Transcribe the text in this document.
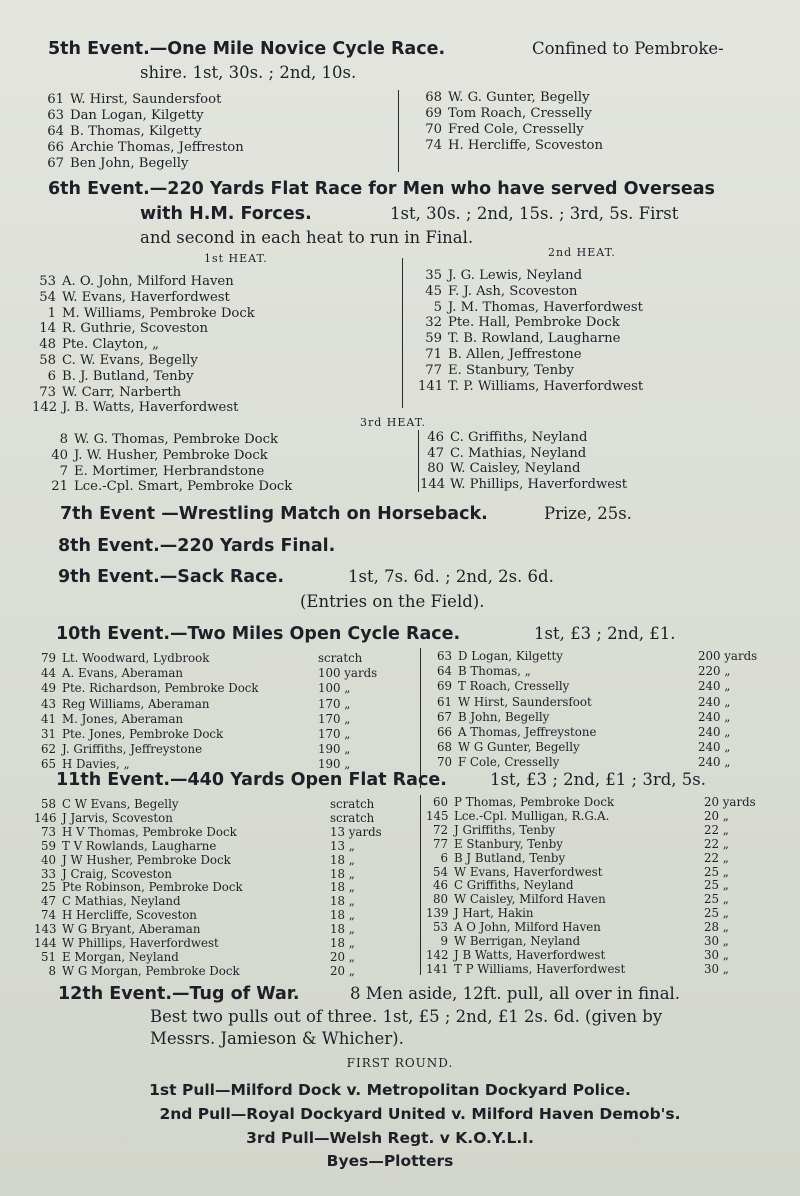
5th Event.—One Mile Novice Cycle Race.	Confined to Pembroke-
shire. 1st, 30s. ; 2nd, 10s.
61 W. Hirst, Saundersfoot
63 Dan Logan, Kilgetty
64 B. Thomas, Kilgetty
66 Archie Thomas, Jeffreston
67 Ben John, Begelly
68 W. G. Gunter, Begelly
69 Tom Roach, Cresselly
70 Fred Cole, Cresselly
74 H. Hercliffe, Scoveston
6th Event.—220 Yards Flat Race for Men who have served Overseas
with H.M. Forces.	1st, 30s. ; 2nd, 15s. ; 3rd, 5s. First
and second in each heat to run in Final.
1st HEAT.	2nd HEAT.
53 A. O. John, Milford Haven
54 W. Evans, Haverfordwest
1 M. Williams, Pembroke Dock
14 R. Guthrie, Scoveston
48 Pte. Clayton, „
58 C. W. Evans, Begelly
6 B. J. Butland, Tenby
73 W. Carr, Narberth
142 J. B. Watts, Haverfordwest
35 J. G. Lewis, Neyland
45 F. J. Ash, Scoveston
5 J. M. Thomas, Haverfordwest
32 Pte. Hall, Pembroke Dock
59 T. B. Rowland, Laugharne
71 B. Allen, Jeffrestone
77 E. Stanbury, Tenby
141 T. P. Williams, Haverfordwest
3rd HEAT.
8 W. G. Thomas, Pembroke Dock
40 J. W. Husher, Pembroke Dock
7 E. Mortimer, Herbrandstone
21 Lce.-Cpl. Smart, Pembroke Dock
46 C. Griffiths, Neyland
47 C. Mathias, Neyland
80 W. Caisley, Neyland
144 W. Phillips, Haverfordwest
7th Event —Wrestling Match on Horseback.	Prize, 25s.
8th Event.—220 Yards Final.
9th Event.—Sack Race.	1st, 7s. 6d. ; 2nd, 2s. 6d.
(Entries on the Field).
10th Event.—Two Miles Open Cycle Race.	1st, £3 ; 2nd, £1.
79 Lt. Woodward, Lydbrook	scratch
44 A. Evans, Aberaman	100 yards
49 Pte. Richardson, Pembroke Dock	100 „
43 Reg Williams, Aberaman	170 „
41 M. Jones, Aberaman	170 „
31 Pte. Jones, Pembroke Dock	170 „
62 J. Griffiths, Jeffreystone	190 „
65 H Davies, „	190 „
63 D Logan, Kilgetty	200 yards
64 B Thomas, „	220 „
69 T Roach, Cresselly	240 „
61 W Hirst, Saundersfoot	240 „
67 B John, Begelly	240 „
66 A Thomas, Jeffreystone	240 „
68 W G Gunter, Begelly	240 „
70 F Cole, Cresselly	240 „
11th Event.—440 Yards Open Flat Race.	1st, £3 ; 2nd, £1 ; 3rd, 5s.
58 C W Evans, Begelly	scratch
146 J Jarvis, Scoveston	scratch
73 H V Thomas, Pembroke Dock	13 yards
59 T V Rowlands, Laugharne	13 „
40 J W Husher, Pembroke Dock	18 „
33 J Craig, Scoveston	18 „
25 Pte Robinson, Pembroke Dock	18 „
47 C Mathias, Neyland	18 „
74 H Hercliffe, Scoveston	18 „
143 W G Bryant, Aberaman	18 „
144 W Phillips, Haverfordwest	18 „
51 E Morgan, Neyland	20 „
8 W G Morgan, Pembroke Dock	20 „
60 P Thomas, Pembroke Dock	20 yards
145 Lce.-Cpl. Mulligan, R.G.A.	20 „
72 J Griffiths, Tenby	22 „
77 E Stanbury, Tenby	22 „
6 B J Butland, Tenby	22 „
54 W Evans, Haverfordwest	25 „
46 C Griffiths, Neyland	25 „
80 W Caisley, Milford Haven	25 „
139 J Hart, Hakin	25 „
53 A O John, Milford Haven	28 „
9 W Berrigan, Neyland	30 „
142 J B Watts, Haverfordwest	30 „
141 T P Williams, Haverfordwest	30 „
12th Event.—Tug of War.	8 Men aside, 12ft. pull, all over in final.
Best two pulls out of three. 1st, £5 ; 2nd, £1 2s. 6d. (given by
Messrs. Jamieson & Whicher).
FIRST ROUND.
1st Pull—Milford Dock v. Metropolitan Dockyard Police.
2nd Pull—Royal Dockyard United v. Milford Haven Demob's.
3rd Pull—Welsh Regt. v K.O.Y.L.I.
Byes—Plotters
